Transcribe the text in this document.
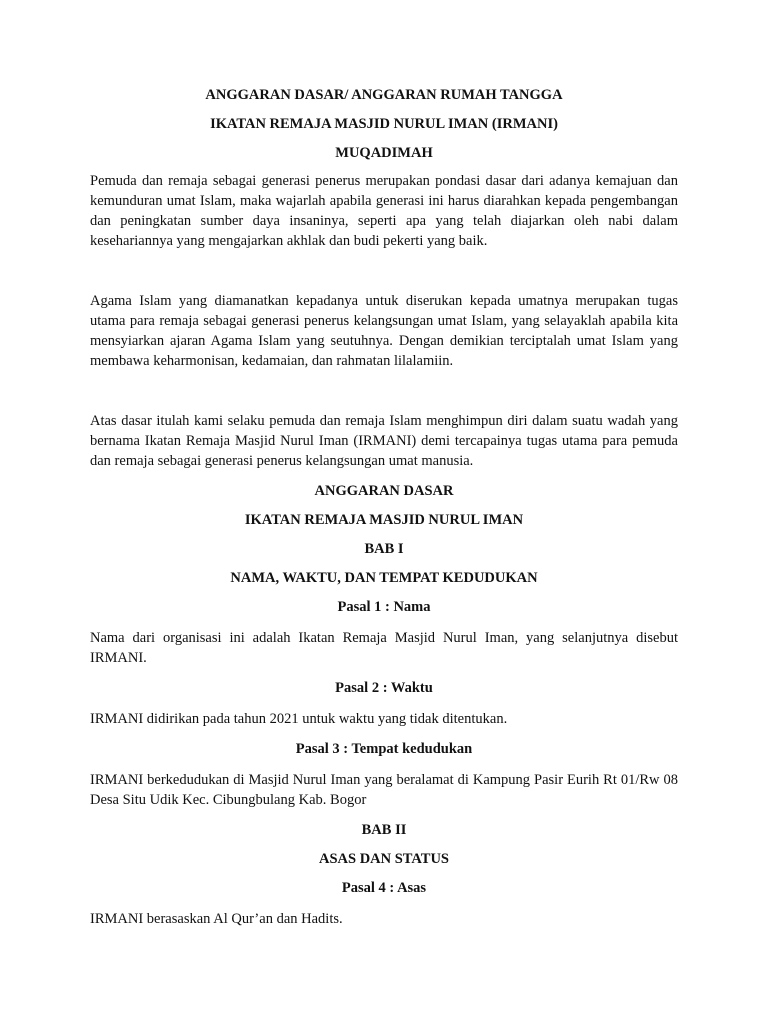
ANGGARAN DASAR/ ANGGARAN RUMAH TANGGA

IKATAN REMAJA MASJID NURUL IMAN (IRMANI)

MUQADIMAH

Pemuda dan remaja sebagai generasi penerus merupakan pondasi dasar dari adanya kemajuan dan kemunduran umat Islam, maka wajarlah apabila generasi ini harus diarahkan kepada pengembangan dan peningkatan sumber daya insaninya, seperti apa yang telah diajarkan oleh nabi dalam kesehariannya yang mengajarkan akhlak dan budi pekerti yang baik.

Agama Islam yang diamanatkan kepadanya untuk diserukan kepada umatnya merupakan tugas utama para remaja sebagai generasi penerus kelangsungan umat Islam, yang selayaklah apabila kita mensyiarkan ajaran Agama Islam yang seutuhnya. Dengan demikian terciptalah umat Islam yang membawa keharmonisan, kedamaian, dan rahmatan lilalamiin.

Atas dasar itulah kami selaku pemuda dan remaja Islam menghimpun diri dalam suatu wadah yang bernama Ikatan Remaja Masjid Nurul Iman (IRMANI) demi tercapainya tugas utama para pemuda dan remaja sebagai generasi penerus kelangsungan umat manusia.

ANGGARAN DASAR

IKATAN REMAJA MASJID NURUL IMAN

BAB I

NAMA, WAKTU, DAN TEMPAT KEDUDUKAN

Pasal 1 : Nama

Nama dari organisasi ini adalah Ikatan Remaja Masjid Nurul Iman, yang selanjutnya disebut IRMANI.

Pasal 2 : Waktu

IRMANI didirikan pada tahun 2021 untuk waktu yang tidak ditentukan.

Pasal 3 : Tempat kedudukan

IRMANI berkedudukan di Masjid Nurul Iman yang beralamat di Kampung Pasir Eurih Rt 01/Rw 08 Desa Situ Udik Kec. Cibungbulang Kab. Bogor

BAB II

ASAS DAN STATUS

Pasal 4 : Asas

IRMANI berasaskan Al Qur’an dan Hadits.
